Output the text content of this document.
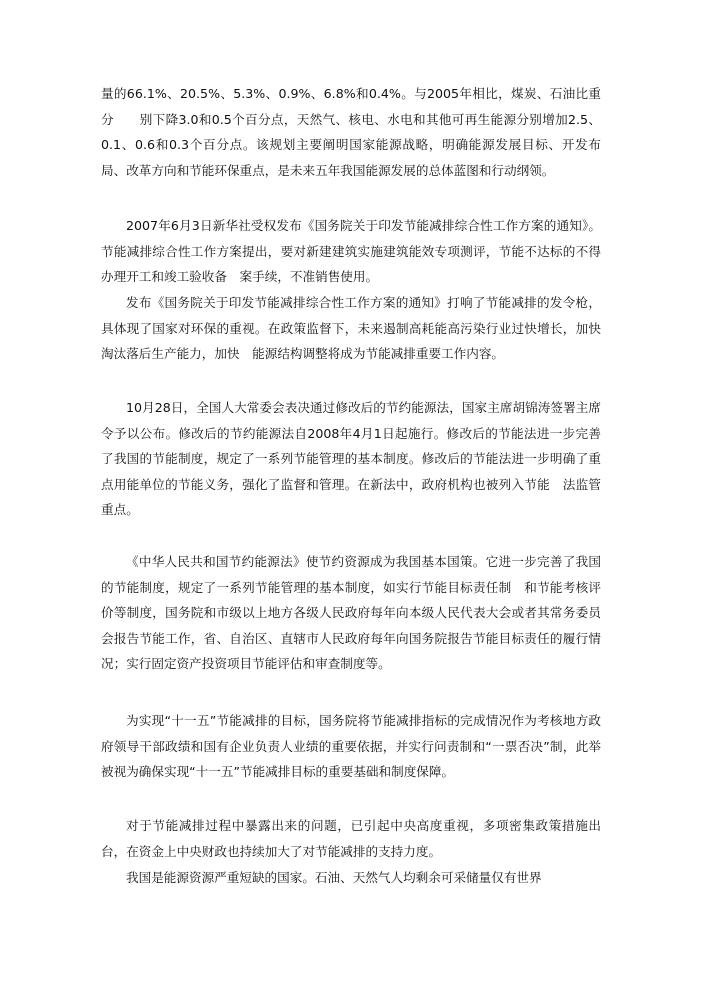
量的66.1%、20.5%、5.3%、0.9%、6.8%和0.4%。与2005年相比，煤炭、石油比重分　　别下降3.0和0.5个百分点，天然气、核电、水电和其他可再生能源分别增加2.5、0.1、0.6和0.3个百分点。该规划主要阐明国家能源战略，明确能源发展目标、开发布局、改革方向和节能环保重点，是未来五年我国能源发展的总体蓝图和行动纲领。

2007年6月3日新华社受权发布《国务院关于印发节能减排综合性工作方案的通知》。节能减排综合性工作方案提出，要对新建建筑实施建筑能效专项测评，节能不达标的不得办理开工和竣工验收备　案手续，不准销售使用。

发布《国务院关于印发节能减排综合性工作方案的通知》打响了节能减排的发令枪，具体现了国家对环保的重视。在政策监督下，未来遏制高耗能高污染行业过快增长，加快淘汰落后生产能力，加快　能源结构调整将成为节能减排重要工作内容。

10月28日，全国人大常委会表决通过修改后的节约能源法，国家主席胡锦涛签署主席令予以公布。修改后的节约能源法自2008年4月1日起施行。修改后的节能法进一步完善了我国的节能制度，规定了一系列节能管理的基本制度。修改后的节能法进一步明确了重点用能单位的节能义务，强化了监督和管理。在新法中，政府机构也被列入节能　法监管重点。

《中华人民共和国节约能源法》使节约资源成为我国基本国策。它进一步完善了我国的节能制度，规定了一系列节能管理的基本制度，如实行节能目标责任制　和节能考核评价等制度，国务院和市级以上地方各级人民政府每年向本级人民代表大会或者其常务委员会报告节能工作，省、自治区、直辖市人民政府每年向国务院报告节能目标责任的履行情况；实行固定资产投资项目节能评估和审查制度等。

为实现“十一五”节能减排的目标，国务院将节能减排指标的完成情况作为考核地方政府领导干部政绩和国有企业负责人业绩的重要依据，并实行问责制和“一票否决”制，此举被视为确保实现“十一五”节能减排目标的重要基础和制度保障。

对于节能减排过程中暴露出来的问题，已引起中央高度重视，多项密集政策措施出台，在资金上中央财政也持续加大了对节能减排的支持力度。

我国是能源资源严重短缺的国家。石油、天然气人均剩余可采储量仅有世界
